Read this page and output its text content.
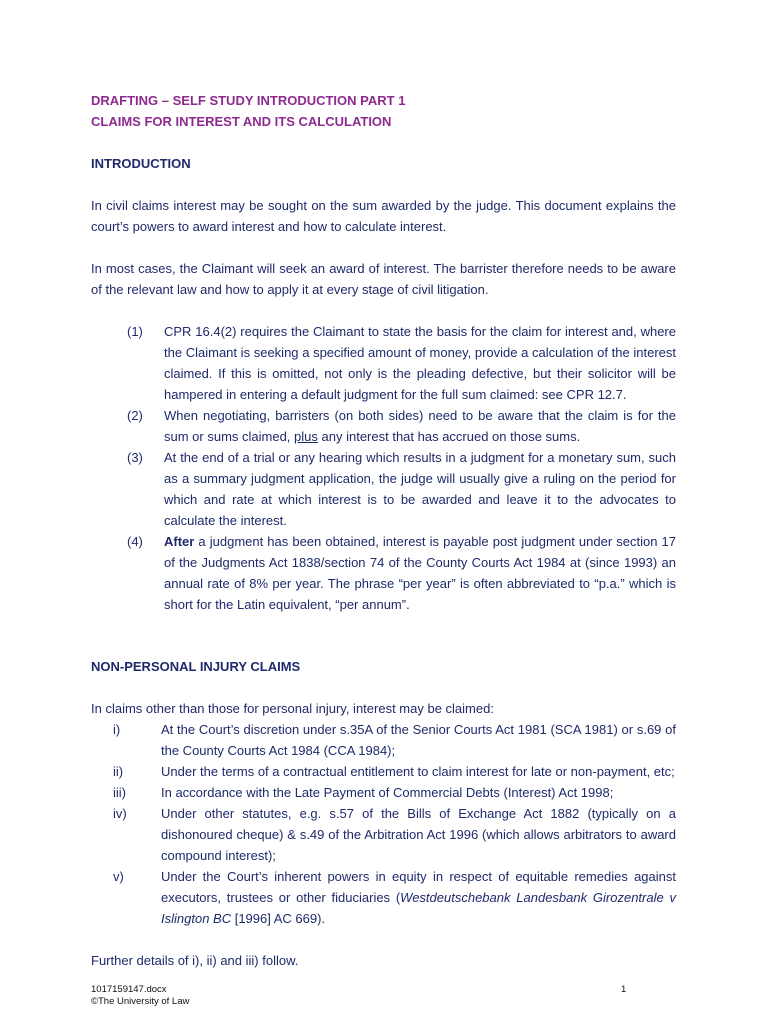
DRAFTING – SELF STUDY INTRODUCTION PART 1
CLAIMS FOR INTEREST AND ITS CALCULATION
INTRODUCTION
In civil claims interest may be sought on the sum awarded by the judge. This document explains the court’s powers to award interest and how to calculate interest.
In most cases, the Claimant will seek an award of interest. The barrister therefore needs to be aware of the relevant law and how to apply it at every stage of civil litigation.
(1)	CPR 16.4(2) requires the Claimant to state the basis for the claim for interest and, where the Claimant is seeking a specified amount of money, provide a calculation of the interest claimed. If this is omitted, not only is the pleading defective, but their solicitor will be hampered in entering a default judgment for the full sum claimed: see CPR 12.7.
(2)	When negotiating, barristers (on both sides) need to be aware that the claim is for the sum or sums claimed, plus any interest that has accrued on those sums.
(3)	At the end of a trial or any hearing which results in a judgment for a monetary sum, such as a summary judgment application, the judge will usually give a ruling on the period for which and rate at which interest is to be awarded and leave it to the advocates to calculate the interest.
(4)	After a judgment has been obtained, interest is payable post judgment under section 17 of the Judgments Act 1838/section 74 of the County Courts Act 1984 at (since 1993) an annual rate of 8% per year. The phrase “per year” is often abbreviated to “p.a.” which is short for the Latin equivalent, “per annum”.
NON-PERSONAL INJURY CLAIMS
In claims other than those for personal injury, interest may be claimed:
i)	At the Court’s discretion under s.35A of the Senior Courts Act 1981 (SCA 1981) or s.69 of the County Courts Act 1984 (CCA 1984);
ii)	Under the terms of a contractual entitlement to claim interest for late or non-payment, etc;
iii)	In accordance with the Late Payment of Commercial Debts (Interest) Act 1998;
iv)	Under other statutes, e.g. s.57 of the Bills of Exchange Act 1882 (typically on a dishonoured cheque) & s.49 of the Arbitration Act 1996 (which allows arbitrators to award compound interest);
v)	Under the Court’s inherent powers in equity in respect of equitable remedies against executors, trustees or other fiduciaries (Westdeutschebank Landesbank Girozentrale v Islington BC [1996] AC 669).
Further details of i), ii) and iii) follow.
1017159147.docx
©The University of Law
1
